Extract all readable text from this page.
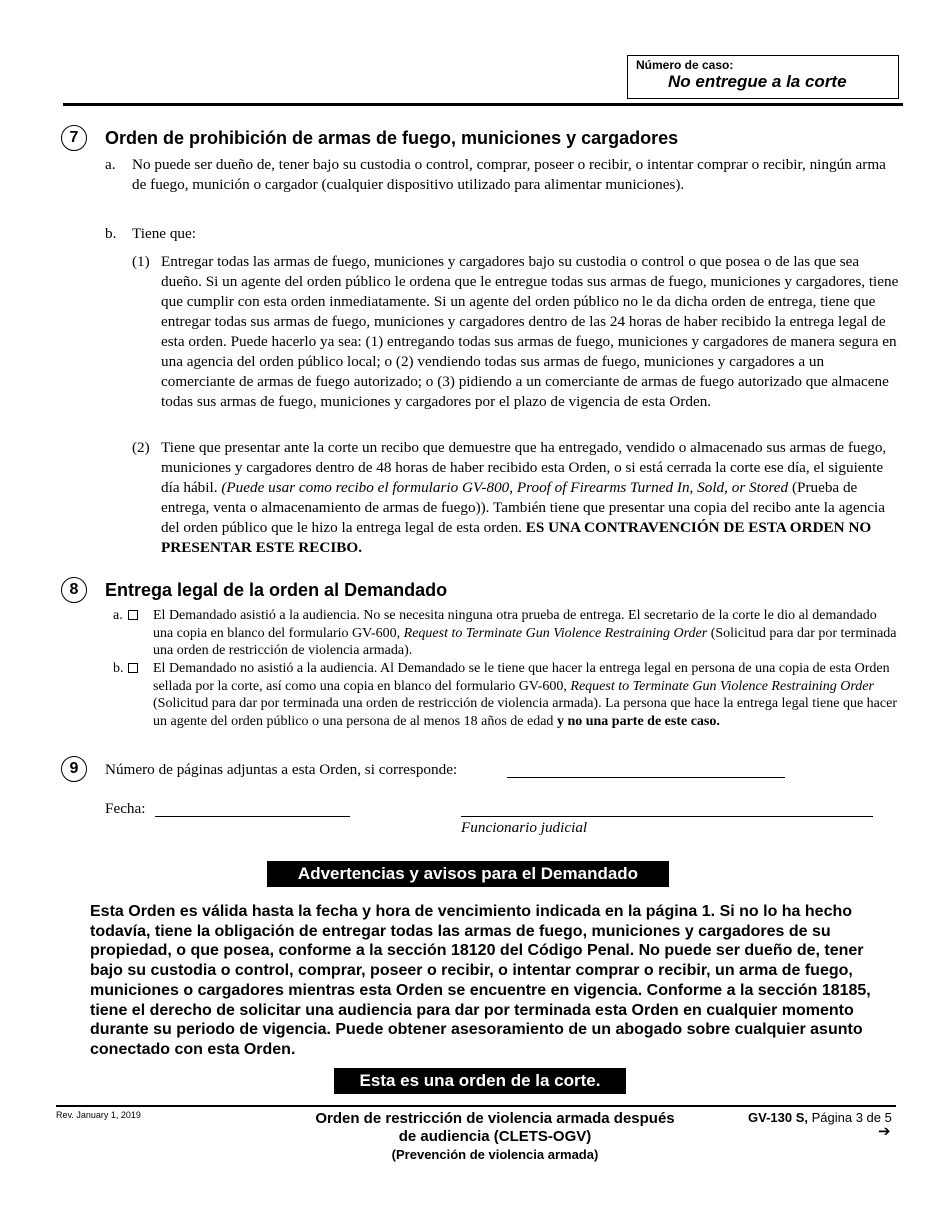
Número de caso:
No entregue a la corte
7	Orden de prohibición de armas de fuego, municiones y cargadores
a. No puede ser dueño de, tener bajo su custodia o control, comprar, poseer o recibir, o intentar comprar o recibir, ningún arma de fuego, munición o cargador (cualquier dispositivo utilizado para alimentar municiones).
b. Tiene que:
(1) Entregar todas las armas de fuego, municiones y cargadores bajo su custodia o control o que posea o de las que sea dueño. Si un agente del orden público le ordena que le entregue todas sus armas de fuego, municiones y cargadores, tiene que cumplir con esta orden inmediatamente. Si un agente del orden público no le da dicha orden de entrega, tiene que entregar todas sus armas de fuego, municiones y cargadores dentro de las 24 horas de haber recibido la entrega legal de esta orden. Puede hacerlo ya sea: (1) entregando todas sus armas de fuego, municiones y cargadores de manera segura en una agencia del orden público local; o (2) vendiendo todas sus armas de fuego, municiones y cargadores a un comerciante de armas de fuego autorizado; o (3) pidiendo a un comerciante de armas de fuego autorizado que almacene todas sus armas de fuego, municiones y cargadores por el plazo de vigencia de esta Orden.
(2) Tiene que presentar ante la corte un recibo que demuestre que ha entregado, vendido o almacenado sus armas de fuego, municiones y cargadores dentro de 48 horas de haber recibido esta Orden, o si está cerrada la corte ese día, el siguiente día hábil. (Puede usar como recibo el formulario GV-800, Proof of Firearms Turned In, Sold, or Stored (Prueba de entrega, venta o almacenamiento de armas de fuego)). También tiene que presentar una copia del recibo ante la agencia del orden público que le hizo la entrega legal de esta orden. ES UNA CONTRAVENCIÓN DE ESTA ORDEN NO PRESENTAR ESTE RECIBO.
8	Entrega legal de la orden al Demandado
a. El Demandado asistió a la audiencia. No se necesita ninguna otra prueba de entrega. El secretario de la corte le dio al demandado una copia en blanco del formulario GV-600, Request to Terminate Gun Violence Restraining Order (Solicitud para dar por terminada una orden de restricción de violencia armada).
b. El Demandado no asistió a la audiencia. Al Demandado se le tiene que hacer la entrega legal en persona de una copia de esta Orden sellada por la corte, así como una copia en blanco del formulario GV-600, Request to Terminate Gun Violence Restraining Order (Solicitud para dar por terminada una orden de restricción de violencia armada). La persona que hace la entrega legal tiene que hacer un agente del orden público o una persona de al menos 18 años de edad y no una parte de este caso.
9	Número de páginas adjuntas a esta Orden, si corresponde:
Fecha:
Funcionario judicial
Advertencias y avisos para el Demandado
Esta Orden es válida hasta la fecha y hora de vencimiento indicada en la página 1. Si no lo ha hecho todavía, tiene la obligación de entregar todas las armas de fuego, municiones y cargadores de su propiedad, o que posea, conforme a la sección 18120 del Código Penal. No puede ser dueño de, tener bajo su custodia o control, comprar, poseer o recibir, o intentar comprar o recibir, un arma de fuego, municiones o cargadores mientras esta Orden se encuentre en vigencia. Conforme a la sección 18185, tiene el derecho de solicitar una audiencia para dar por terminada esta Orden en cualquier momento durante su periodo de vigencia. Puede obtener asesoramiento de un abogado sobre cualquier asunto conectado con esta Orden.
Esta es una orden de la corte.
Rev. January 1, 2019	Orden de restricción de violencia armada después
de audiencia (CLETS-OGV)
(Prevención de violencia armada)
GV-130 S, Página 3 de 5
➔
